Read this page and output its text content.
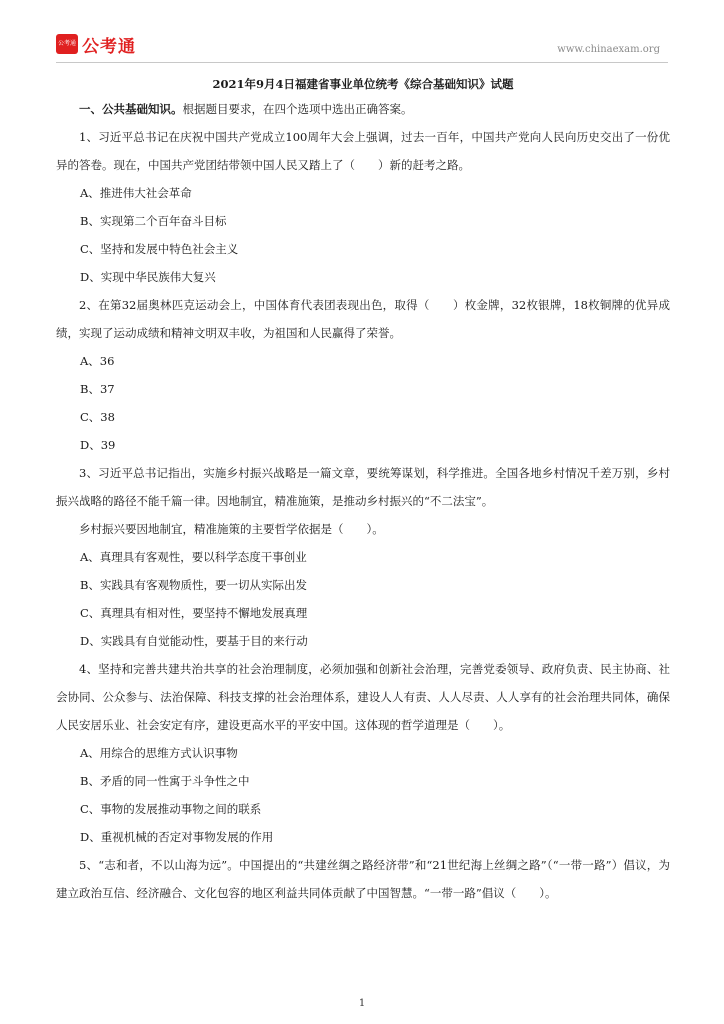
公考通 公考通	www.chinaexam.org

2021年9月4日福建省事业单位统考《综合基础知识》试题

一、公共基础知识。根据题目要求，在四个选项中选出正确答案。

1、习近平总书记在庆祝中国共产党成立100周年大会上强调，过去一百年，中国共产党向人民向历史交出了一份优异的答卷。现在，中国共产党团结带领中国人民又踏上了（　　）新的赶考之路。

A、推进伟大社会革命

B、实现第二个百年奋斗目标

C、坚持和发展中特色社会主义

D、实现中华民族伟大复兴

2、在第32届奥林匹克运动会上，中国体育代表团表现出色，取得（　　）枚金牌，32枚银牌，18枚铜牌的优异成绩，实现了运动成绩和精神文明双丰收，为祖国和人民赢得了荣誉。

A、36

B、37

C、38

D、39

3、习近平总书记指出，实施乡村振兴战略是一篇文章，要统筹谋划，科学推进。全国各地乡村情况千差万别，乡村振兴战略的路径不能千篇一律。因地制宜，精准施策，是推动乡村振兴的“不二法宝”。

乡村振兴要因地制宜，精准施策的主要哲学依据是（　　）。

A、真理具有客观性，要以科学态度干事创业

B、实践具有客观物质性，要一切从实际出发

C、真理具有相对性，要坚持不懈地发展真理

D、实践具有自觉能动性，要基于目的来行动

4、坚持和完善共建共治共享的社会治理制度，必须加强和创新社会治理，完善党委领导、政府负责、民主协商、社会协同、公众参与、法治保障、科技支撑的社会治理体系，建设人人有责、人人尽责、人人享有的社会治理共同体，确保人民安居乐业、社会安定有序，建设更高水平的平安中国。这体现的哲学道理是（　　）。

A、用综合的思维方式认识事物

B、矛盾的同一性寓于斗争性之中

C、事物的发展推动事物之间的联系

D、重视机械的否定对事物发展的作用

5、“志和者，不以山海为远”。中国提出的“共建丝绸之路经济带”和“21世纪海上丝绸之路”（“一带一路”）倡议，为建立政治互信、经济融合、文化包容的地区利益共同体贡献了中国智慧。“一带一路”倡议（　　）。

1
